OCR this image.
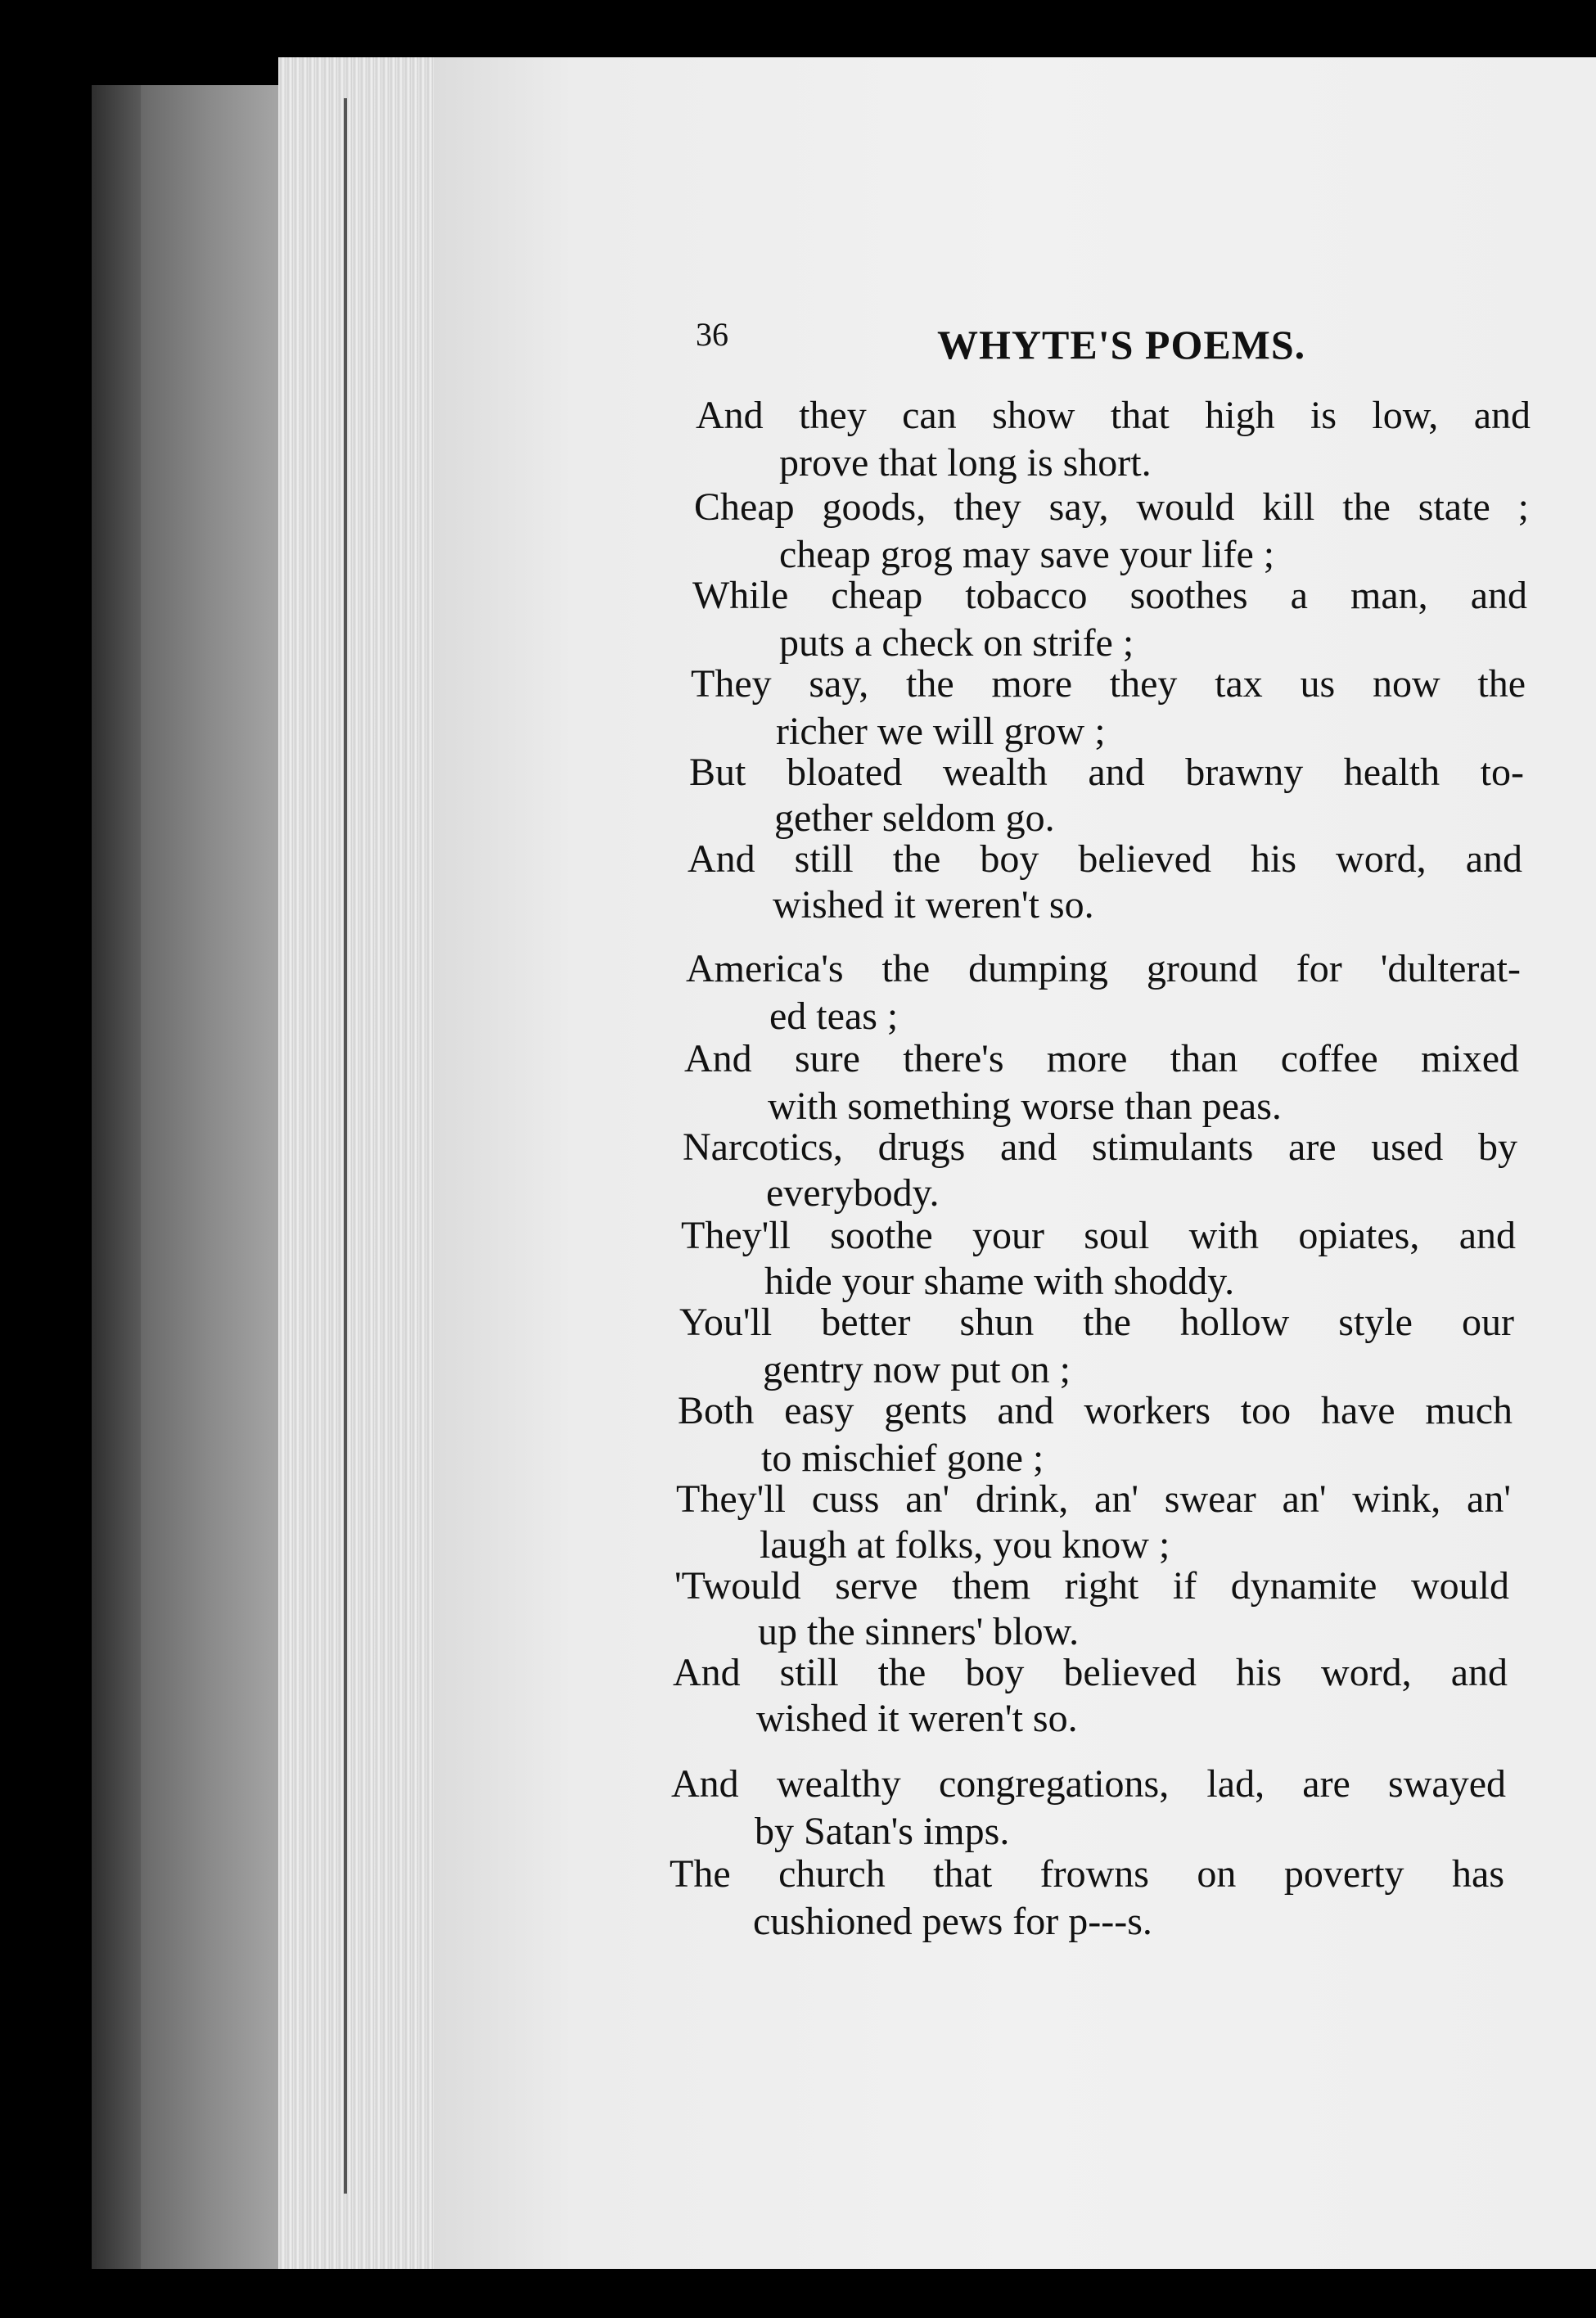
36	WHYTE'S POEMS.
And they can show that high is low, and
prove that long is short.
Cheap goods, they say, would kill the state ;
cheap grog may save your life ;
While cheap tobacco soothes a man, and
puts a check on strife ;
They say, the more they tax us now the
richer we will grow ;
But bloated wealth and brawny health to-
gether seldom go.
And still the boy believed his word, and
wished it weren't so.
America's the dumping ground for 'dulterat-
ed teas ;
And sure there's more than coffee mixed
with something worse than peas.
Narcotics, drugs and stimulants are used by
everybody.
They'll soothe your soul with opiates, and
hide your shame with shoddy.
You'll better shun the hollow style our
gentry now put on ;
Both easy gents and workers too have much
to mischief gone ;
They'll cuss an' drink, an' swear an' wink, an'
laugh at folks, you know ;
'Twould serve them right if dynamite would
up the sinners' blow.
And still the boy believed his word, and
wished it weren't so.
And wealthy congregations, lad, are swayed
by Satan's imps.
The church that frowns on poverty has
cushioned pews for p---s.
